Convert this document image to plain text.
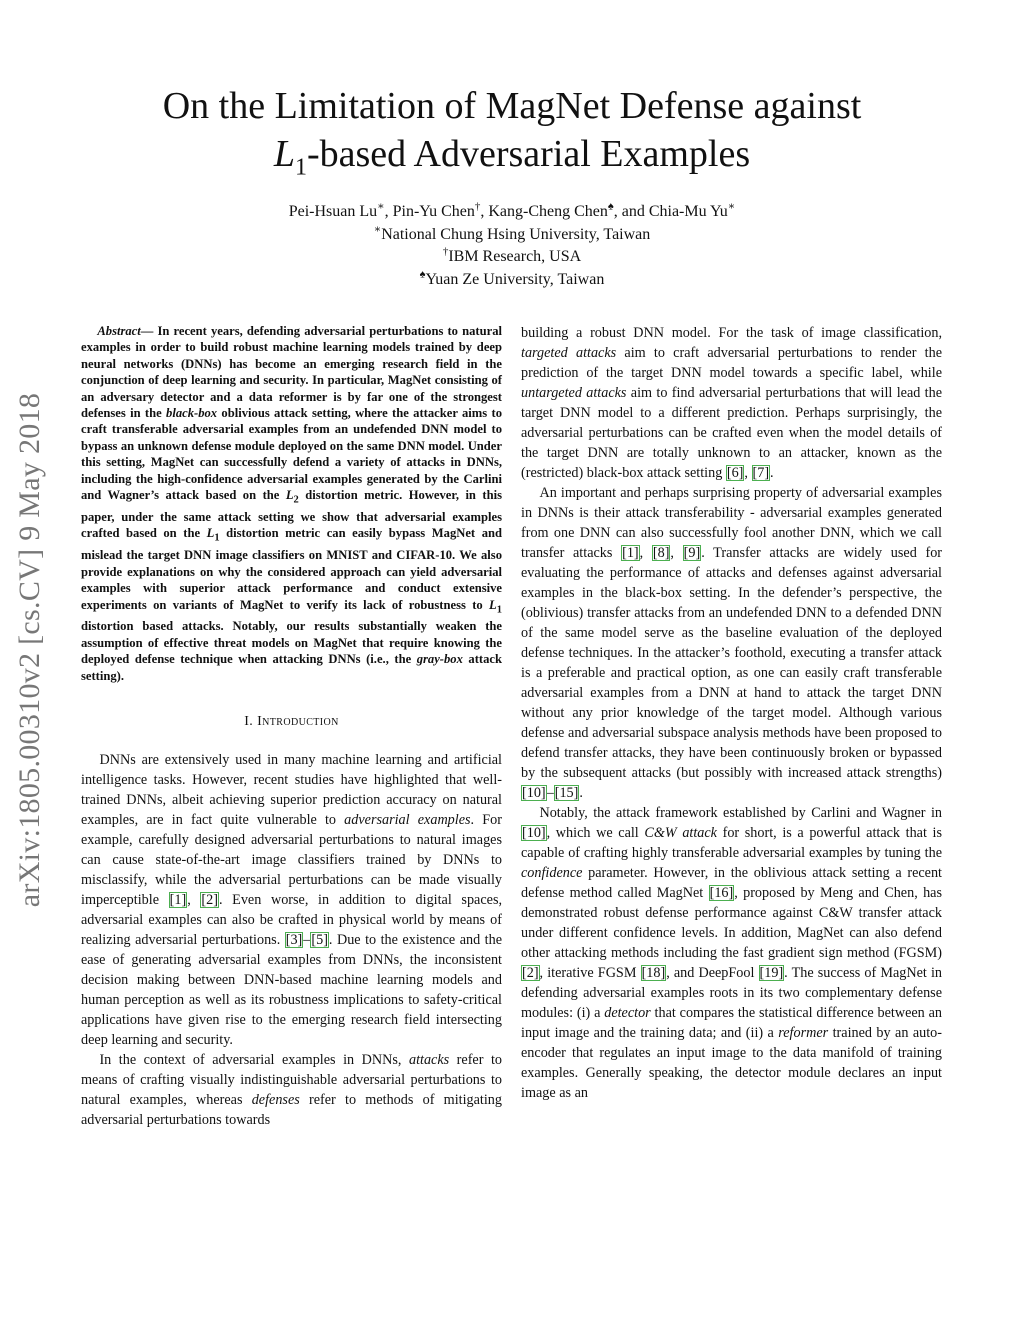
arXiv:1805.00310v2 [cs.CV] 9 May 2018
On the Limitation of MagNet Defense against
$L_1$-based Adversarial Examples
Pei-Hsuan Lu∗, Pin-Yu Chen†, Kang-Cheng Chen♠, and Chia-Mu Yu∗
∗National Chung Hsing University, Taiwan
†IBM Research, USA
♠Yuan Ze University, Taiwan

Abstract— In recent years, defending adversarial perturbations to natural examples in order to build robust machine learning models trained by deep neural networks (DNNs) has become an emerging research field in the conjunction of deep learning and security. In particular, MagNet consisting of an adversary detector and a data reformer is by far one of the strongest defenses in the black-box oblivious attack setting, where the attacker aims to craft transferable adversarial examples from an undefended DNN model to bypass an unknown defense module deployed on the same DNN model. Under this setting, MagNet can successfully defend a variety of attacks in DNNs, including the high-confidence adversarial examples generated by the Carlini and Wagner’s attack based on the $L_2$ distortion metric. However, in this paper, under the same attack setting we show that adversarial examples crafted based on the $L_1$ distortion metric can easily bypass MagNet and mislead the target DNN image classifiers on MNIST and CIFAR-10. We also provide explanations on why the considered approach can yield adversarial examples with superior attack performance and conduct extensive experiments on variants of MagNet to verify its lack of robustness to $L_1$ distortion based attacks. Notably, our results substantially weaken the assumption of effective threat models on MagNet that require knowing the deployed defense technique when attacking DNNs (i.e., the gray-box attack setting).

I. Introduction

DNNs are extensively used in many machine learning and artificial intelligence tasks. However, recent studies have highlighted that well-trained DNNs, albeit achieving superior prediction accuracy on natural examples, are in fact quite vulnerable to adversarial examples. For example, carefully designed adversarial perturbations to natural images can cause state-of-the-art image classifiers trained by DNNs to misclassify, while the adversarial perturbations can be made visually imperceptible [1], [2]. Even worse, in addition to digital spaces, adversarial examples can also be crafted in physical world by means of realizing adversarial perturbations. [3]–[5]. Due to the existence and the ease of generating adversarial examples from DNNs, the inconsistent decision making between DNN-based machine learning models and human perception as well as its robustness implications to safety-critical applications have given rise to the emerging research field intersecting deep learning and security.

In the context of adversarial examples in DNNs, attacks refer to means of crafting visually indistinguishable adversarial perturbations to natural examples, whereas defenses refer to methods of mitigating adversarial perturbations towards

building a robust DNN model. For the task of image classification, targeted attacks aim to craft adversarial perturbations to render the prediction of the target DNN model towards a specific label, while untargeted attacks aim to find adversarial perturbations that will lead the target DNN model to a different prediction. Perhaps surprisingly, the adversarial perturbations can be crafted even when the model details of the target DNN are totally unknown to an attacker, known as the (restricted) black-box attack setting [6], [7].

An important and perhaps surprising property of adversarial examples in DNNs is their attack transferability - adversarial examples generated from one DNN can also successfully fool another DNN, which we call transfer attacks [1], [8], [9]. Transfer attacks are widely used for evaluating the performance of attacks and defenses against adversarial examples in the black-box setting. In the defender’s perspective, the (oblivious) transfer attacks from an undefended DNN to a defended DNN of the same model serve as the baseline evaluation of the deployed defense techniques. In the attacker’s foothold, executing a transfer attack is a preferable and practical option, as one can easily craft transferable adversarial examples from a DNN at hand to attack the target DNN without any prior knowledge of the target model. Although various defense and adversarial subspace analysis methods have been proposed to defend transfer attacks, they have been continuously broken or bypassed by the subsequent attacks (but possibly with increased attack strengths) [10]–[15].

Notably, the attack framework established by Carlini and Wagner in [10], which we call C&W attack for short, is a powerful attack that is capable of crafting highly transferable adversarial examples by tuning the confidence parameter. However, in the oblivious attack setting a recent defense method called MagNet [16], proposed by Meng and Chen, has demonstrated robust defense performance against C&W transfer attack under different confidence levels. In addition, MagNet can also defend other attacking methods including the fast gradient sign method (FGSM) [2], iterative FGSM [18], and DeepFool [19]. The success of MagNet in defending adversarial examples roots in its two complementary defense modules: (i) a detector that compares the statistical difference between an input image and the training data; and (ii) a reformer trained by an auto-encoder that regulates an input image to the data manifold of training examples. Generally speaking, the detector module declares an input image as an
